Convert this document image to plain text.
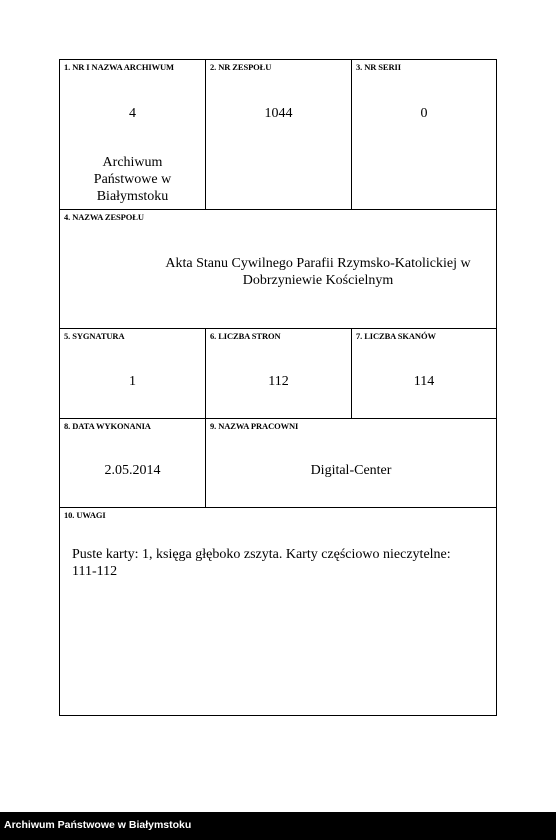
1. NR I NAZWA ARCHIWUM
4
Archiwum
Państwowe w
Białymstoku
2. NR ZESPOŁU
1044
3. NR SERII
0
4. NAZWA ZESPOŁU
Akta Stanu Cywilnego Parafii Rzymsko-Katolickiej w
Dobrzyniewie Kościelnym
5. SYGNATURA
1
6. LICZBA STRON
112
7. LICZBA SKANÓW
114
8. DATA WYKONANIA
2.05.2014
9. NAZWA PRACOWNI
Digital-Center
10. UWAGI
Puste karty: 1, księga głęboko zszyta. Karty częściowo nieczytelne:
111-112
Archiwum Państwowe w Białymstoku
